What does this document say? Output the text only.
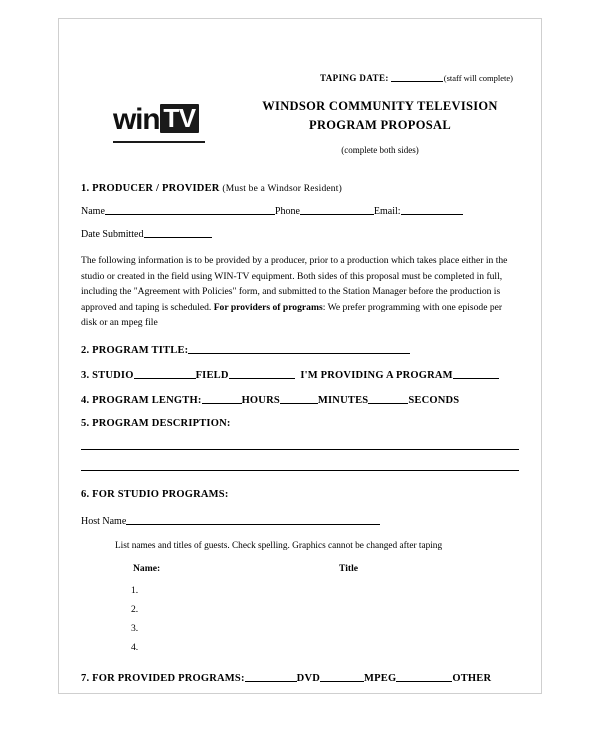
TAPING DATE:	(staff will complete)
win TV	WINDSOR COMMUNITY TELEVISION
PROGRAM PROPOSAL
(complete both sides)
1. PRODUCER / PROVIDER (Must be a Windsor Resident)
Name	Phone	Email:
Date Submitted
The following information is to be provided by a producer, prior to a production which takes place either in the studio or created in the field using WIN-TV equipment. Both sides of this proposal must be completed in full, including the "Agreement with Policies" form, and submitted to the Station Manager before the production is approved and taping is scheduled. For providers of programs: We prefer programming with one episode per disk or an mpeg file
2. PROGRAM TITLE:
3. STUDIO	FIELD	I'M PROVIDING A PROGRAM
4. PROGRAM LENGTH:	HOURS	MINUTES	SECONDS
5. PROGRAM DESCRIPTION:
6. FOR STUDIO PROGRAMS:
Host Name
List names and titles of guests. Check spelling. Graphics cannot be changed after taping
Name:	Title
1.
2.
3.
4.
7. FOR PROVIDED PROGRAMS:	DVD	MPEG	OTHER
